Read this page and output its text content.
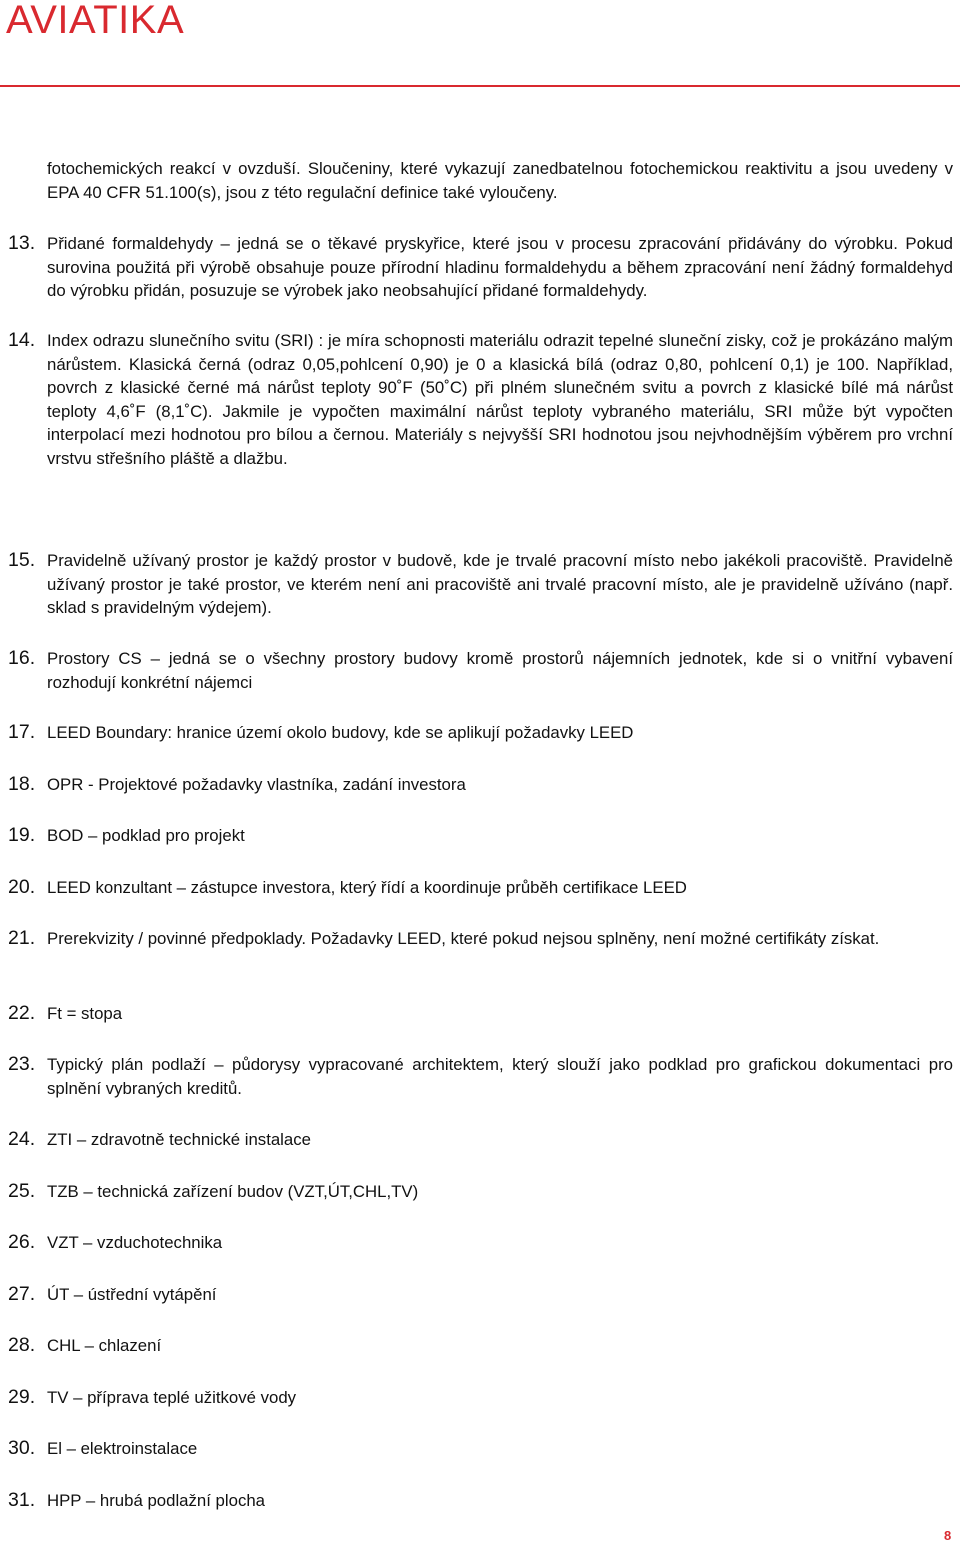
AVIATIKA

fotochemických reakcí v ovzduší. Sloučeniny, které vykazují zanedbatelnou fotochemickou reaktivitu a jsou uvedeny v EPA 40 CFR 51.100(s), jsou z této regulační definice také vyloučeny.

13. Přidané formaldehydy – jedná se o těkavé pryskyřice, které jsou v procesu zpracování přidávány do výrobku. Pokud surovina použitá při výrobě obsahuje pouze přírodní hladinu formaldehydu a během zpracování není žádný formaldehyd do výrobku přidán, posuzuje se výrobek jako neobsahující přidané formaldehydy.

14. Index odrazu slunečního svitu (SRI) : je míra schopnosti materiálu odrazit tepelné sluneční zisky, což je prokázáno malým nárůstem. Klasická černá (odraz 0,05,pohlcení 0,90) je 0 a klasická bílá (odraz 0,80, pohlcení 0,1) je 100. Například, povrch z klasické černé má nárůst teploty 90˚F (50˚C) při plném slunečném svitu a povrch z klasické bílé má nárůst teploty 4,6˚F (8,1˚C). Jakmile je vypočten maximální nárůst teploty vybraného materiálu, SRI může být vypočten interpolací mezi hodnotou pro bílou a černou. Materiály s nejvyšší SRI hodnotou jsou nejvhodnějším výběrem pro vrchní vrstvu střešního pláště a dlažbu.

15. Pravidelně užívaný prostor je každý prostor v budově, kde je trvalé pracovní místo nebo jakékoli pracoviště. Pravidelně užívaný prostor je také prostor, ve kterém není ani pracoviště ani trvalé pracovní místo, ale je pravidelně užíváno (např. sklad s pravidelným výdejem).

16. Prostory CS – jedná se o všechny prostory budovy kromě prostorů nájemních jednotek, kde si o vnitřní vybavení rozhodují konkrétní nájemci

17. LEED Boundary: hranice území okolo budovy, kde se aplikují požadavky LEED

18. OPR - Projektové požadavky vlastníka, zadání investora

19. BOD – podklad pro projekt

20. LEED konzultant – zástupce investora, který řídí a koordinuje průběh certifikace LEED

21. Prerekvizity / povinné předpoklady. Požadavky LEED, které pokud nejsou splněny, není možné certifikáty získat.

22. Ft = stopa

23. Typický plán podlaží – půdorysy vypracované architektem, který slouží jako podklad pro grafickou dokumentaci pro splnění vybraných kreditů.

24. ZTI – zdravotně technické instalace

25. TZB – technická zařízení budov (VZT,ÚT,CHL,TV)

26. VZT – vzduchotechnika

27. ÚT – ústřední vytápění

28. CHL – chlazení

29. TV – příprava teplé užitkové vody

30. El – elektroinstalace

31. HPP – hrubá podlažní plocha

8
